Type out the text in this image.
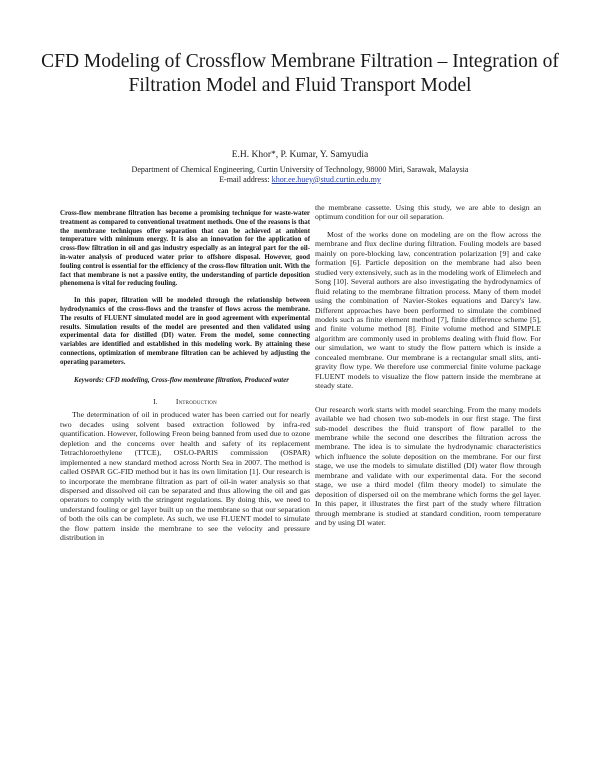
CFD Modeling of Crossflow Membrane Filtration – Integration of Filtration Model and Fluid Transport Model
E.H. Khor*, P. Kumar, Y. Samyudia
Department of Chemical Engineering, Curtin University of Technology, 98000 Miri, Sarawak, Malaysia
E-mail address: khor.ee.huey@stud.curtin.edu.my

Cross-flow membrane filtration has become a promising technique for waste-water treatment as compared to conventional treatment methods. One of the reasons is that the membrane techniques offer separation that can be achieved at ambient temperature with minimum energy. It is also an innovation for the application of cross-flow filtration in oil and gas industry especially as an integral part for the oil-in-water analysis of produced water prior to offshore disposal. However, good fouling control is essential for the efficiency of the cross-flow filtration unit. With the fact that membrane is not a passive entity, the understanding of particle deposition phenomena is vital for reducing fouling.

In this paper, filtration will be modeled through the relationship between hydrodynamics of the cross-flows and the transfer of flows across the membrane. The results of FLUENT simulated model are in good agreement with experimental results. Simulation results of the model are presented and then validated using experimental data for distilled (DI) water. From the model, some connecting variables are identified and established in this modeling work. By attaining these connections, optimization of membrane filtration can be achieved by adjusting the operating parameters.

Keywords: CFD modeling, Cross-flow membrane filtration, Produced water

I. Introduction

The determination of oil in produced water has been carried out for nearly two decades using solvent based extraction followed by infra-red quantification. However, following Freon being banned from used due to ozone depletion and the concerns over health and safety of its replacement Tetrachloroethylene (TTCE), OSLO-PARIS commission (OSPAR) implemented a new standard method across North Sea in 2007. The method is called OSPAR GC-FID method but it has its own limitation [1]. Our research is to incorporate the membrane filtration as part of oil-in water analysis so that dispersed and dissolved oil can be separated and thus allowing the oil and gas operators to comply with the stringent regulations. By doing this, we need to understand fouling or gel layer built up on the membrane so that our separation of both the oils can be complete. As such, we use FLUENT model to simulate the flow pattern inside the membrane to see the velocity and pressure distribution in

the membrane cassette. Using this study, we are able to design an optimum condition for our oil separation.

Most of the works done on modeling are on the flow across the membrane and flux decline during filtration. Fouling models are based mainly on pore-blocking law, concentration polarization [9] and cake formation [6]. Particle deposition on the membrane had also been studied very extensively, such as in the modeling work of Elimelech and Song [10]. Several authors are also investigating the hydrodynamics of fluid relating to the membrane filtration process. Many of them model using the combination of Navier-Stokes equations and Darcy's law. Different approaches have been performed to simulate the combined models such as finite element method [7], finite difference scheme [5], and finite volume method [8]. Finite volume method and SIMPLE algorithm are commonly used in problems dealing with fluid flow. For our simulation, we want to study the flow pattern which is inside a concealed membrane. Our membrane is a rectangular small slits, anti-gravity flow type. We therefore use commercial finite volume package FLUENT models to visualize the flow pattern inside the membrane at steady state.

Our research work starts with model searching. From the many models available we had chosen two sub-models in our first stage. The first sub-model describes the fluid transport of flow parallel to the membrane while the second one describes the filtration across the membrane. The idea is to simulate the hydrodynamic characteristics which influence the solute deposition on the membrane. For our first stage, we use the models to simulate distilled (DI) water flow through membrane and validate with our experimental data. For the second stage, we use a third model (film theory model) to simulate the deposition of dispersed oil on the membrane which forms the gel layer. In this paper, it illustrates the first part of the study where filtration through membrane is studied at standard condition, room temperature and by using DI water.
